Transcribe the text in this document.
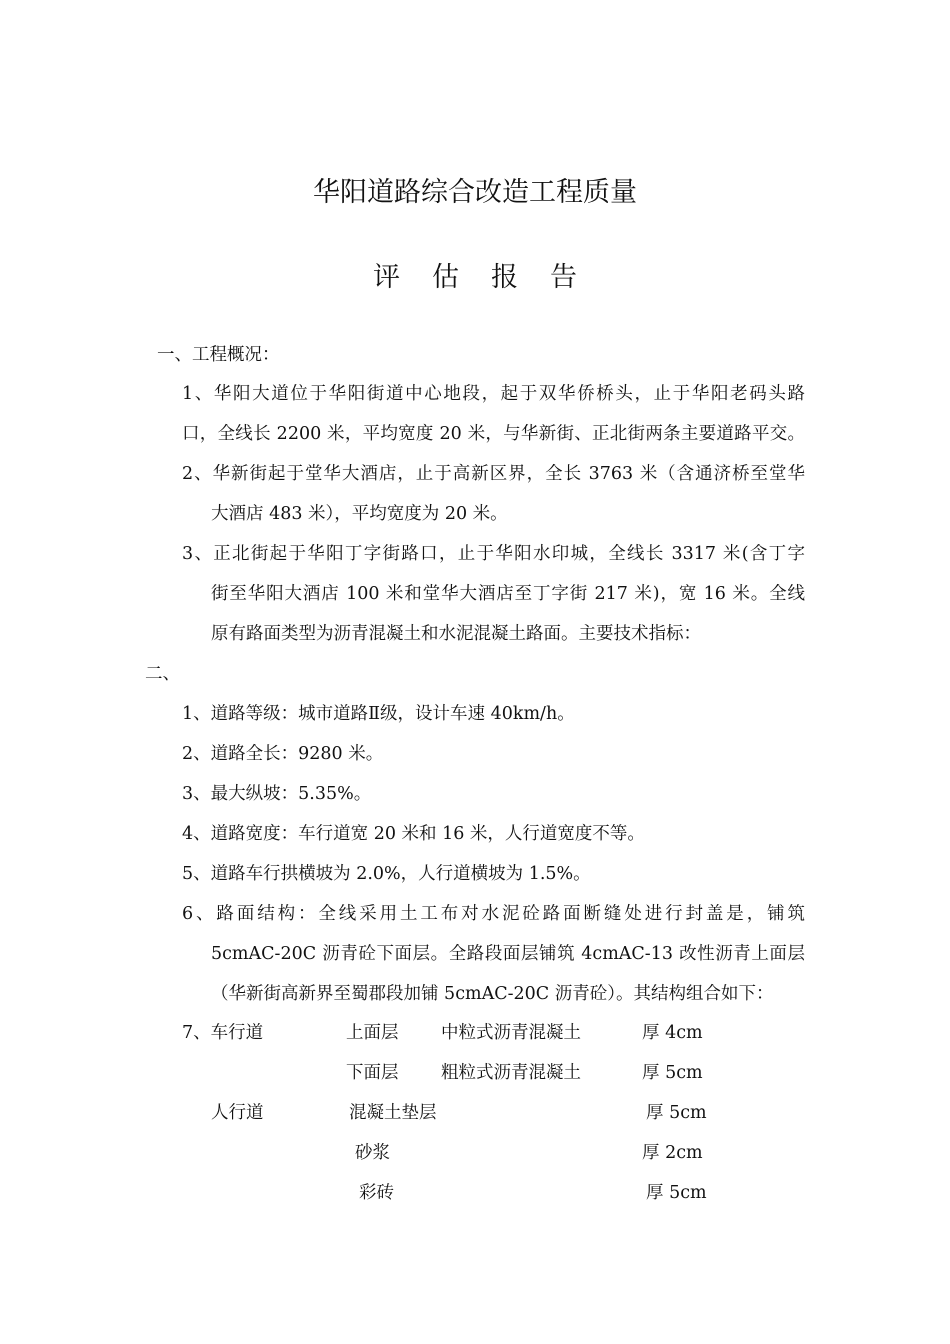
华阳道路综合改造工程质量
评 估 报 告
一、工程概况：
1、华阳大道位于华阳街道中心地段，起于双华侨桥头，止于华阳老码头路
口，全线长 2200 米，平均宽度 20 米，与华新街、正北街两条主要道路平交。
2、华新街起于堂华大酒店，止于高新区界，全长 3763 米（含通济桥至堂华
大酒店 483 米），平均宽度为 20 米。
3、正北街起于华阳丁字街路口，止于华阳水印城，全线长 3317 米(含丁字
街至华阳大酒店 100 米和堂华大酒店至丁字街 217 米)，宽 16 米。全线
原有路面类型为沥青混凝土和水泥混凝土路面。主要技术指标：
二、
1、道路等级：城市道路Ⅱ级，设计车速 40km/h。
2、道路全长：9280 米。
3、最大纵坡：5.35%。
4、道路宽度：车行道宽 20 米和 16 米，人行道宽度不等。
5、道路车行拱横坡为 2.0%，人行道横坡为 1.5%。
6、路面结构：全线采用土工布对水泥砼路面断缝处进行封盖是，铺筑
5cmAC-20C 沥青砼下面层。全路段面层铺筑 4cmAC-13 改性沥青上面层
（华新街高新界至蜀郡段加铺 5cmAC-20C 沥青砼）。其结构组合如下：
7、车行道	上面层 中粒式沥青混凝土	厚 4cm
下面层 粗粒式沥青混凝土	厚 5cm
人行道	混凝土垫层	厚 5cm
砂浆	厚 2cm
彩砖	厚 5cm
